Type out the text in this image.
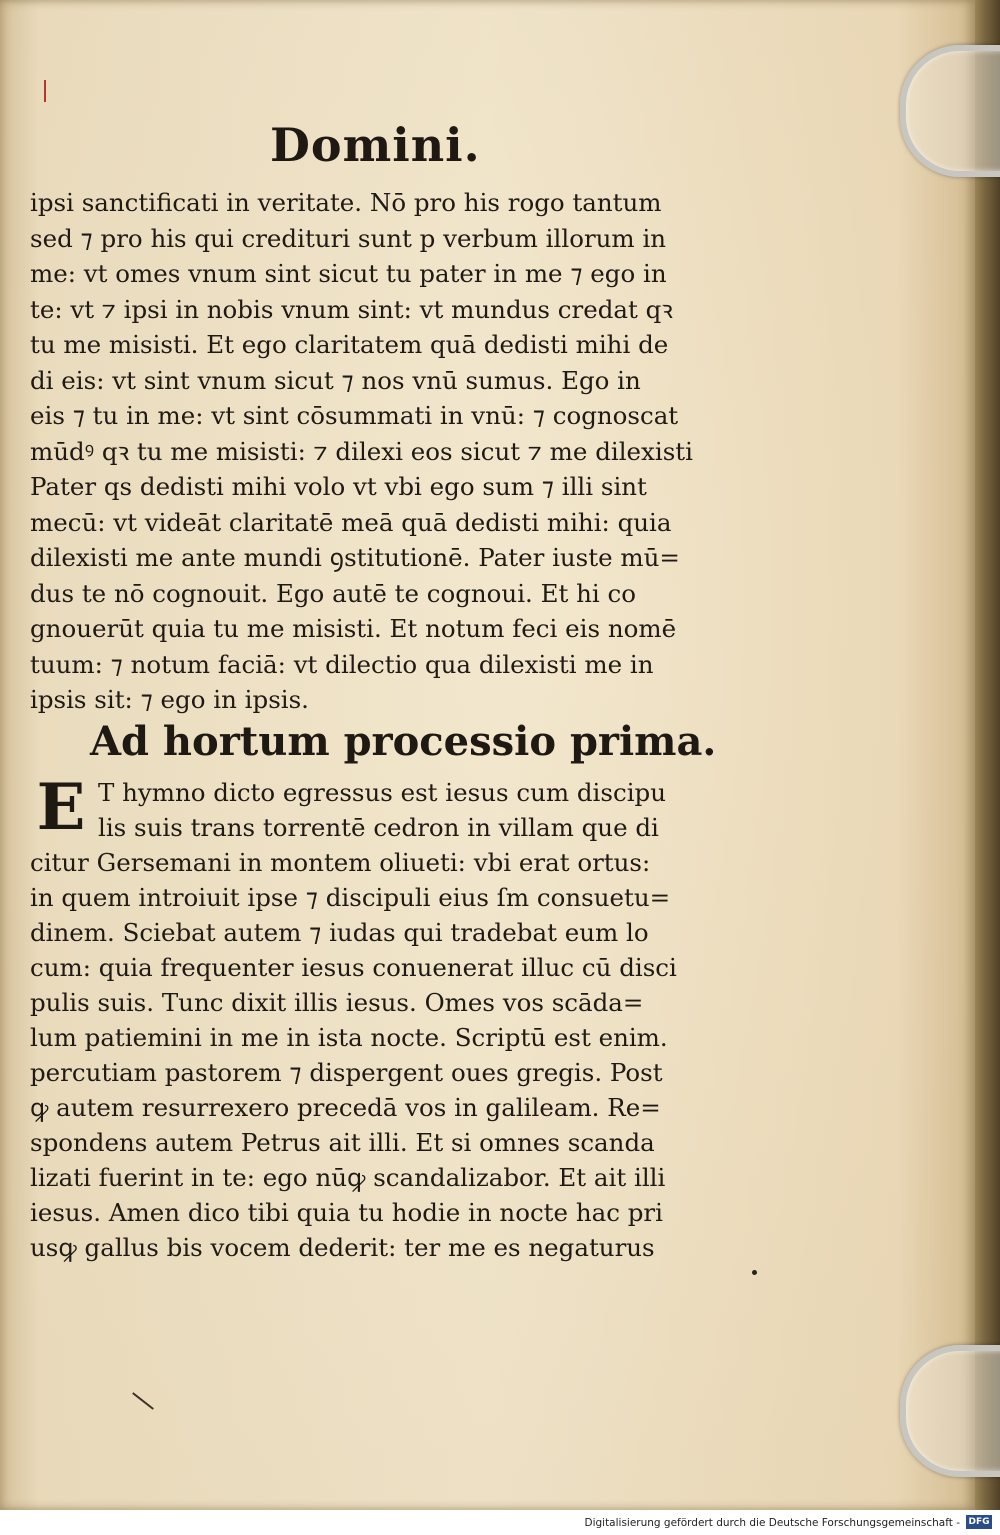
Domini.
ipsi sanctificati in veritate. Nō pro his rogo tantum
sed ⁊ pro his qui credituri sunt p verbum illorum in
me: vt omes vnum sint sicut tu pater in me ⁊ ego in
te: vt ⁊ ipsi in nobis vnum sint: vt mundus credat qꝛ
tu me misisti. Et ego claritatem quā dedisti mihi de
di eis: vt sint vnum sicut ⁊ nos vnū sumus. Ego in
eis ⁊ tu in me: vt sint cōsummati in vnū: ⁊ cognoscat
mūdꝰ qꝛ tu me misisti: ⁊ dilexi eos sicut ⁊ me dilexisti
Pater qs dedisti mihi volo vt vbi ego sum ⁊ illi sint
mecū: vt videāt claritatē meā quā dedisti mihi: quia
dilexisti me ante mundi ꝯstitutionē. Pater iuste mū=
dus te nō cognouit. Ego autē te cognoui. Et hi co
gnouerūt quia tu me misisti. Et notum feci eis nomē
tuum: ⁊ notum faciā: vt dilectio qua dilexisti me in
ipsis sit: ⁊ ego in ipsis.
Ad hortum processio prima.
E T hymno dicto egressus est iesus cum discipu
lis suis trans torrentē cedron in villam que di
citur Gersemani in montem oliueti: vbi erat ortus:
in quem introiuit ipse ⁊ discipuli eius ſm consuetu=
dinem. Sciebat autem ⁊ iudas qui tradebat eum lo
cum: quia frequenter iesus conuenerat illuc cū disci
pulis suis. Tunc dixit illis iesus. Omes vos scāda=
lum patiemini in me in ista nocte. Scriptū est enim.
percutiam pastorem ⁊ dispergent oues gregis. Post
ꝙ autem resurrexero precedā vos in galileam. Re=
spondens autem Petrus ait illi. Et si omnes scanda
lizati fuerint in te: ego nūꝙ scandalizabor. Et ait illi
iesus. Amen dico tibi quia tu hodie in nocte hac pri
usꝙ gallus bis vocem dederit: ter me es negaturus
Digitalisierung gefördert durch die Deutsche Forschungsgemeinschaft - DFG
